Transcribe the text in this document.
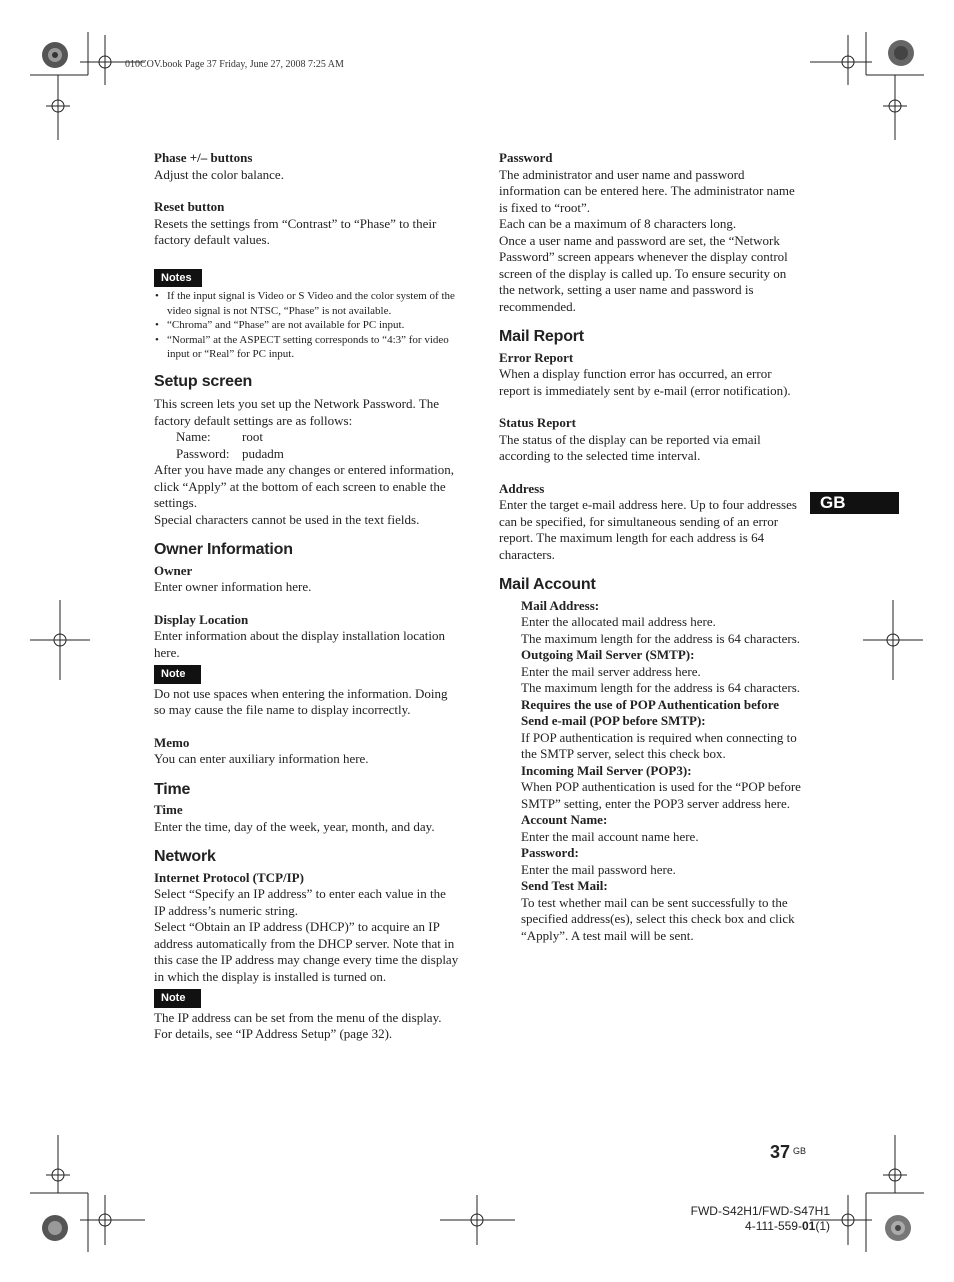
010COV.book Page 37 Friday, June 27, 2008 7:25 AM
Phase +/– buttons
Adjust the color balance.
Reset button
Resets the settings from “Contrast” to “Phase” to their factory default values.
Notes
• If the input signal is Video or S Video and the color system of the video signal is not NTSC, “Phase” is not available.
• “Chroma” and “Phase” are not available for PC input.
• “Normal” at the ASPECT setting corresponds to “4:3” for video input or “Real” for PC input.
Setup screen
This screen lets you set up the Network Password. The factory default settings are as follows:
Name:	root
Password: pudadm
After you have made any changes or entered information, click “Apply” at the bottom of each screen to enable the settings.
Special characters cannot be used in the text fields.
Owner Information
Owner
Enter owner information here.
Display Location
Enter information about the display installation location here.
Note
Do not use spaces when entering the information. Doing so may cause the file name to display incorrectly.
Memo
You can enter auxiliary information here.
Time
Time
Enter the time, day of the week, year, month, and day.
Network
Internet Protocol (TCP/IP)
Select “Specify an IP address” to enter each value in the IP address’s numeric string.
Select “Obtain an IP address (DHCP)” to acquire an IP address automatically from the DHCP server. Note that in this case the IP address may change every time the display in which the display is installed is turned on.
Note
The IP address can be set from the menu of the display. For details, see “IP Address Setup” (page 32).
Password
The administrator and user name and password information can be entered here. The administrator name is fixed to “root”.
Each can be a maximum of 8 characters long.
Once a user name and password are set, the “Network Password” screen appears whenever the display control screen of the display is called up. To ensure security on the network, setting a user name and password is recommended.
Mail Report
Error Report
When a display function error has occurred, an error report is immediately sent by e-mail (error notification).
Status Report
The status of the display can be reported via email according to the selected time interval.
Address
Enter the target e-mail address here. Up to four addresses can be specified, for simultaneous sending of an error report. The maximum length for each address is 64 characters.
Mail Account
Mail Address:
Enter the allocated mail address here.
The maximum length for the address is 64 characters.
Outgoing Mail Server (SMTP):
Enter the mail server address here.
The maximum length for the address is 64 characters.
Requires the use of POP Authentication before Send e-mail (POP before SMTP):
If POP authentication is required when connecting to the SMTP server, select this check box.
Incoming Mail Server (POP3):
When POP authentication is used for the “POP before SMTP” setting, enter the POP3 server address here.
Account Name:
Enter the mail account name here.
Password:
Enter the mail password here.
Send Test Mail:
To test whether mail can be sent successfully to the specified address(es), select this check box and click “Apply”. A test mail will be sent.
GB
37 $^{GB}$
FWD-S42H1/FWD-S47H1
4-111-559-01(1)
